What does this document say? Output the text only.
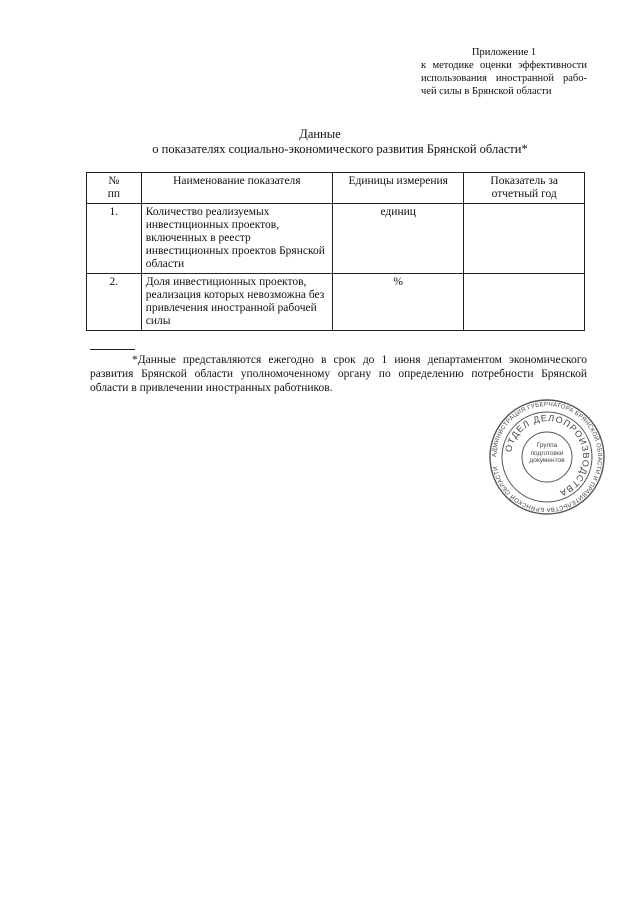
Приложение 1
к методике оценки эффективности
использования иностранной рабо-
чей силы в Брянской области
Данные
о показателях социально-экономического развития Брянской области*
№
пп	Наименование показателя	Единицы измерения	Показатель за отчетный год
1.	Количество реализуемых инвестиционных проектов, включенных в реестр инвестиционных проектов Брянской области	единиц	
2.	Доля инвестиционных проектов, реализация которых невозможна без привлечения иностранной рабочей силы	%	
*Данные представляются ежегодно в срок до 1 июня департаментом экономического развития Брянской области уполномоченному органу по определению потребности Брянской области в привлечении иностранных работников.
АДМИНИСТРАЦИЯ ГУБЕРНАТОРА БРЯНСКОЙ ОБЛАСТИ И ПРАВИТЕЛЬСТВА БРЯНСКОЙ ОБЛАСТИ
ОТДЕЛ ДЕЛОПРОИЗВОДСТВА
Группа подготовки документов
